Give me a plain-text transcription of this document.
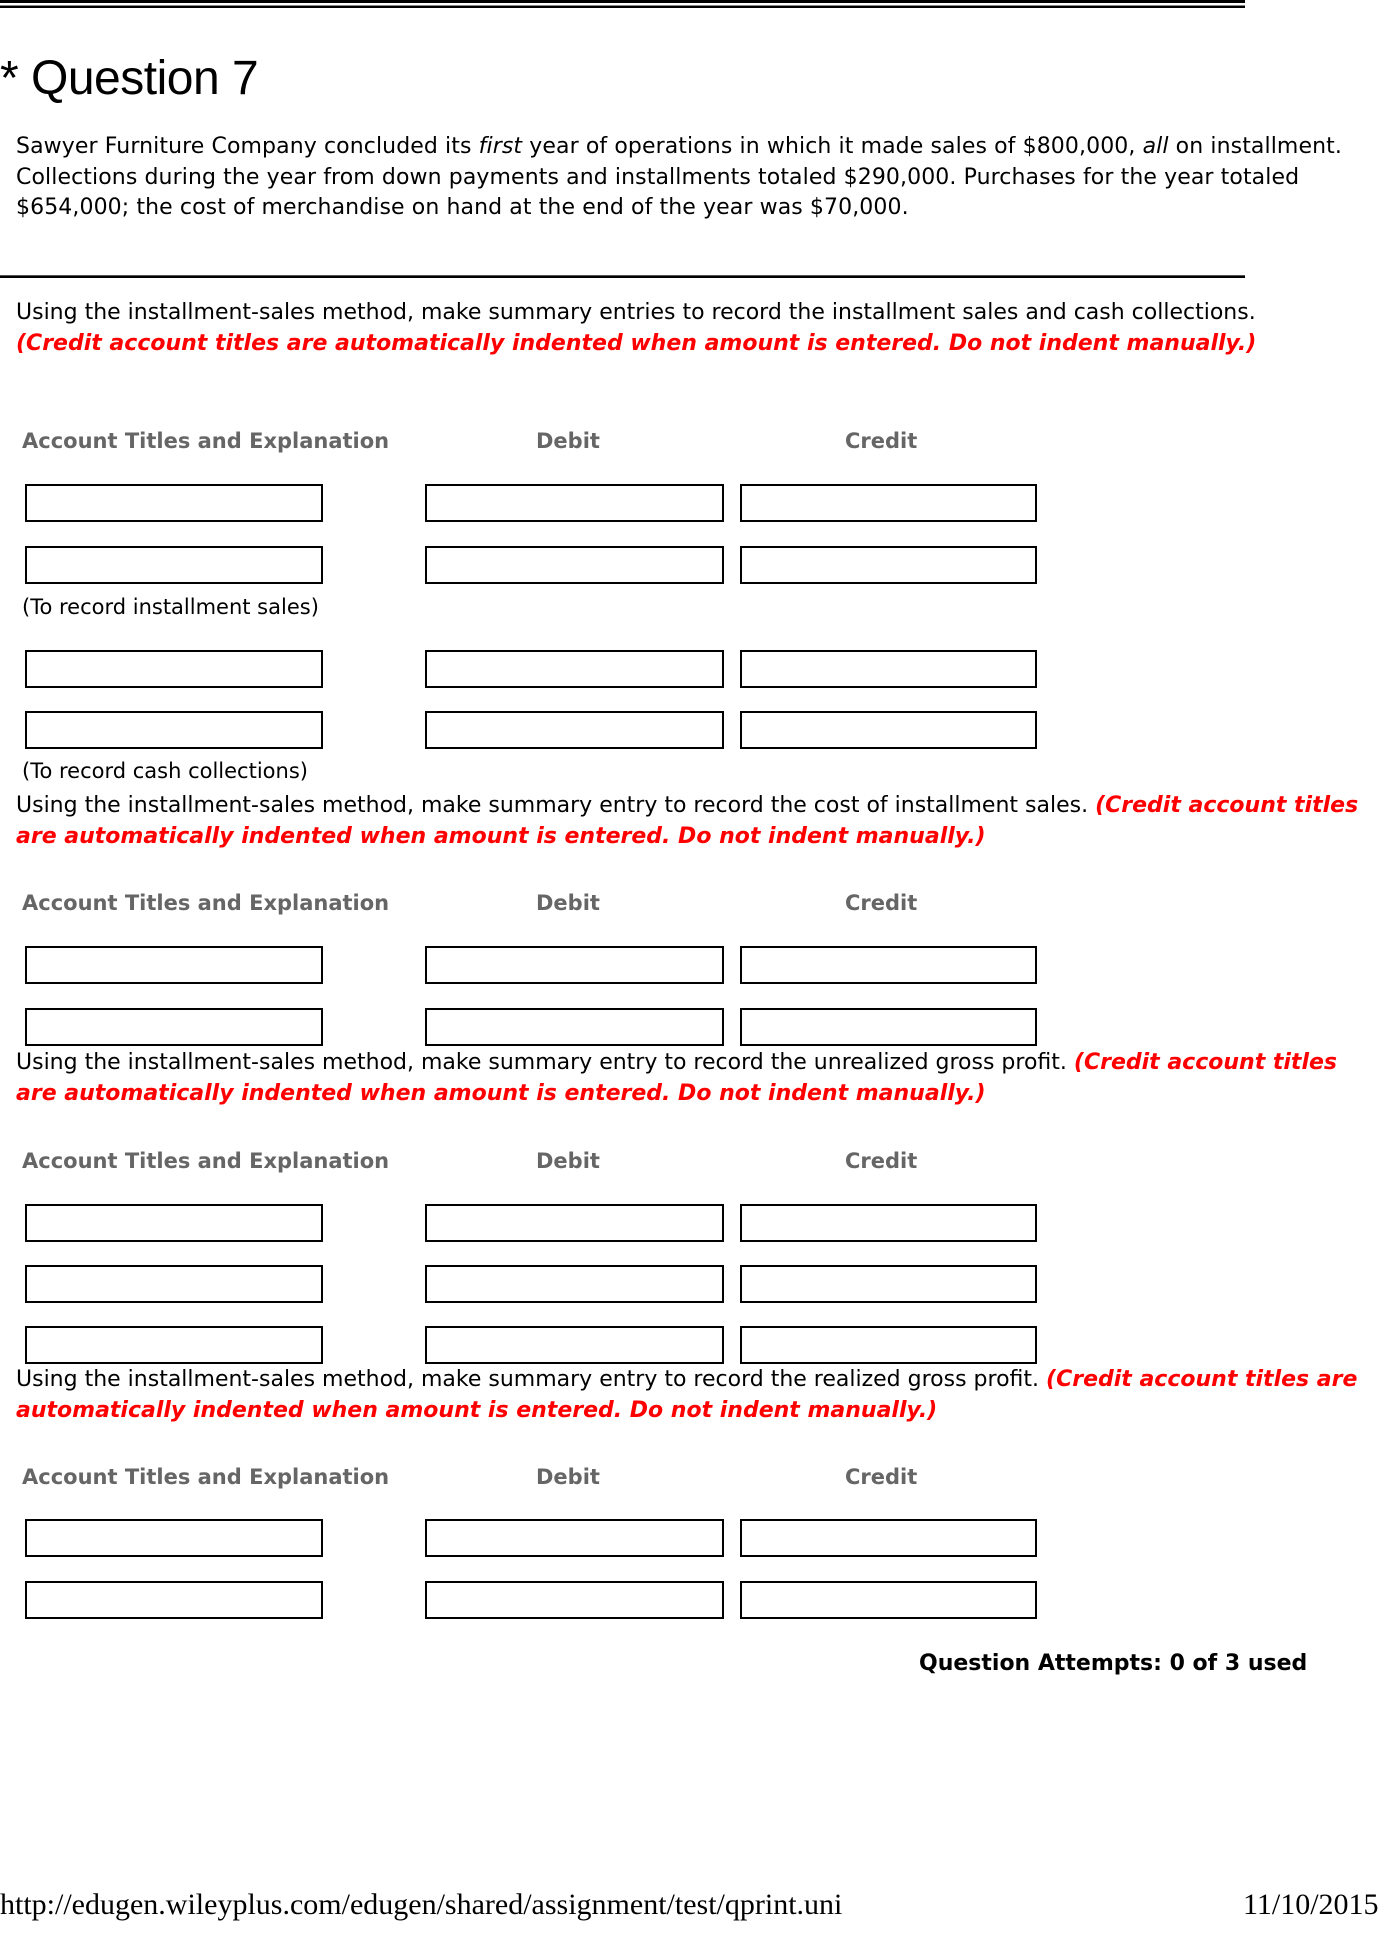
* Question 7
Sawyer Furniture Company concluded its first year of operations in which it made sales of $800,000, all on installment. Collections during the year from down payments and installments totaled $290,000. Purchases for the year totaled $654,000; the cost of merchandise on hand at the end of the year was $70,000.
Using the installment-sales method, make summary entries to record the installment sales and cash collections. (Credit account titles are automatically indented when amount is entered. Do not indent manually.)
Account Titles and Explanation	Debit	Credit
(To record installment sales)
(To record cash collections)
Using the installment-sales method, make summary entry to record the cost of installment sales. (Credit account titles are automatically indented when amount is entered. Do not indent manually.)
Account Titles and Explanation	Debit	Credit
Using the installment-sales method, make summary entry to record the unrealized gross profit. (Credit account titles are automatically indented when amount is entered. Do not indent manually.)
Account Titles and Explanation	Debit	Credit
Using the installment-sales method, make summary entry to record the realized gross profit. (Credit account titles are automatically indented when amount is entered. Do not indent manually.)
Account Titles and Explanation	Debit	Credit
Question Attempts: 0 of 3 used
http://edugen.wileyplus.com/edugen/shared/assignment/test/qprint.uni	11/10/2015
